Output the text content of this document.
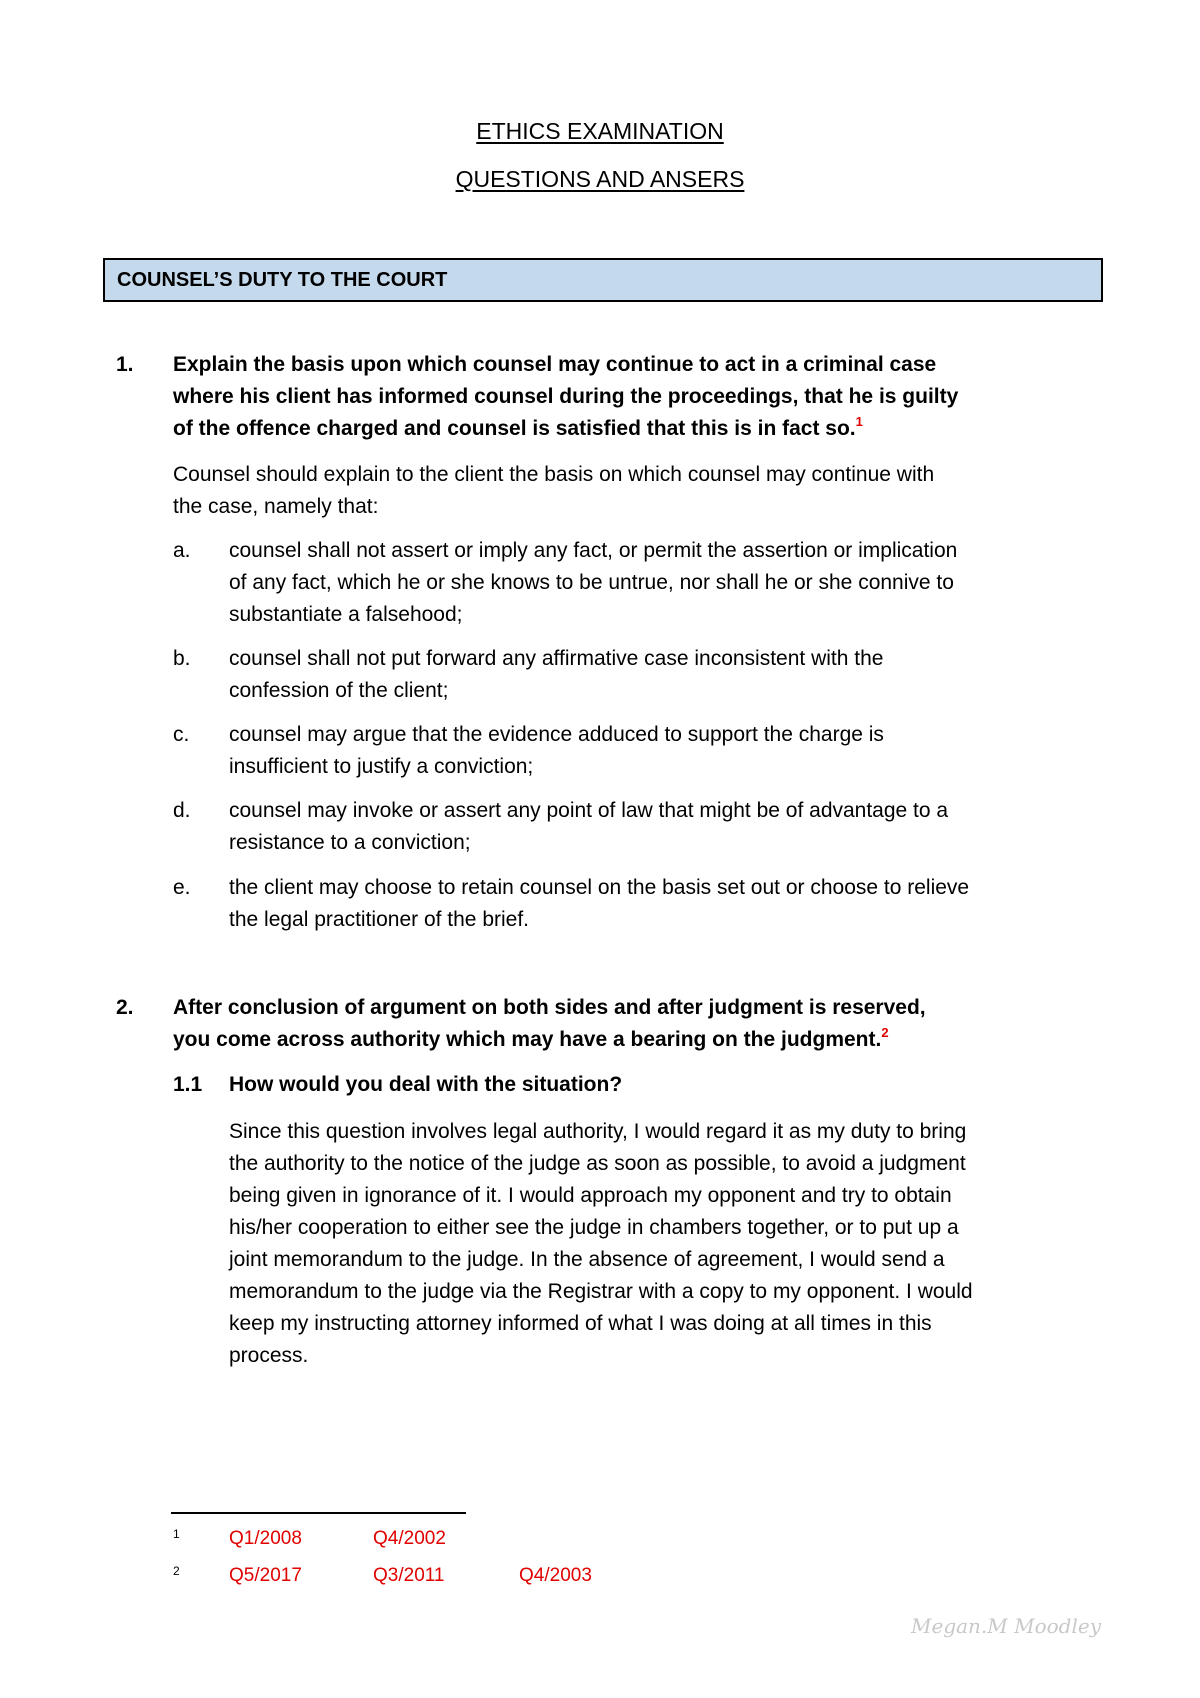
ETHICS EXAMINATION
QUESTIONS AND ANSERS
COUNSEL’S DUTY TO THE COURT
1. Explain the basis upon which counsel may continue to act in a criminal case
where his client has informed counsel during the proceedings, that he is guilty
of the offence charged and counsel is satisfied that this is in fact so.$^1$
Counsel should explain to the client the basis on which counsel may continue with
the case, namely that:
a. counsel shall not assert or imply any fact, or permit the assertion or implication
of any fact, which he or she knows to be untrue, nor shall he or she connive to
substantiate a falsehood;
b. counsel shall not put forward any affirmative case inconsistent with the
confession of the client;
c. counsel may argue that the evidence adduced to support the charge is
insufficient to justify a conviction;
d. counsel may invoke or assert any point of law that might be of advantage to a
resistance to a conviction;
e. the client may choose to retain counsel on the basis set out or choose to relieve
the legal practitioner of the brief.
2. After conclusion of argument on both sides and after judgment is reserved,
you come across authority which may have a bearing on the judgment.$^2$
1.1 How would you deal with the situation?
Since this question involves legal authority, I would regard it as my duty to bring
the authority to the notice of the judge as soon as possible, to avoid a judgment
being given in ignorance of it. I would approach my opponent and try to obtain
his/her cooperation to either see the judge in chambers together, or to put up a
joint memorandum to the judge. In the absence of agreement, I would send a
memorandum to the judge via the Registrar with a copy to my opponent. I would
keep my instructing attorney informed of what I was doing at all times in this
process.
1	Q1/2008	Q4/2002
2	Q5/2017	Q3/2011	Q4/2003
Megan.M Moodley
